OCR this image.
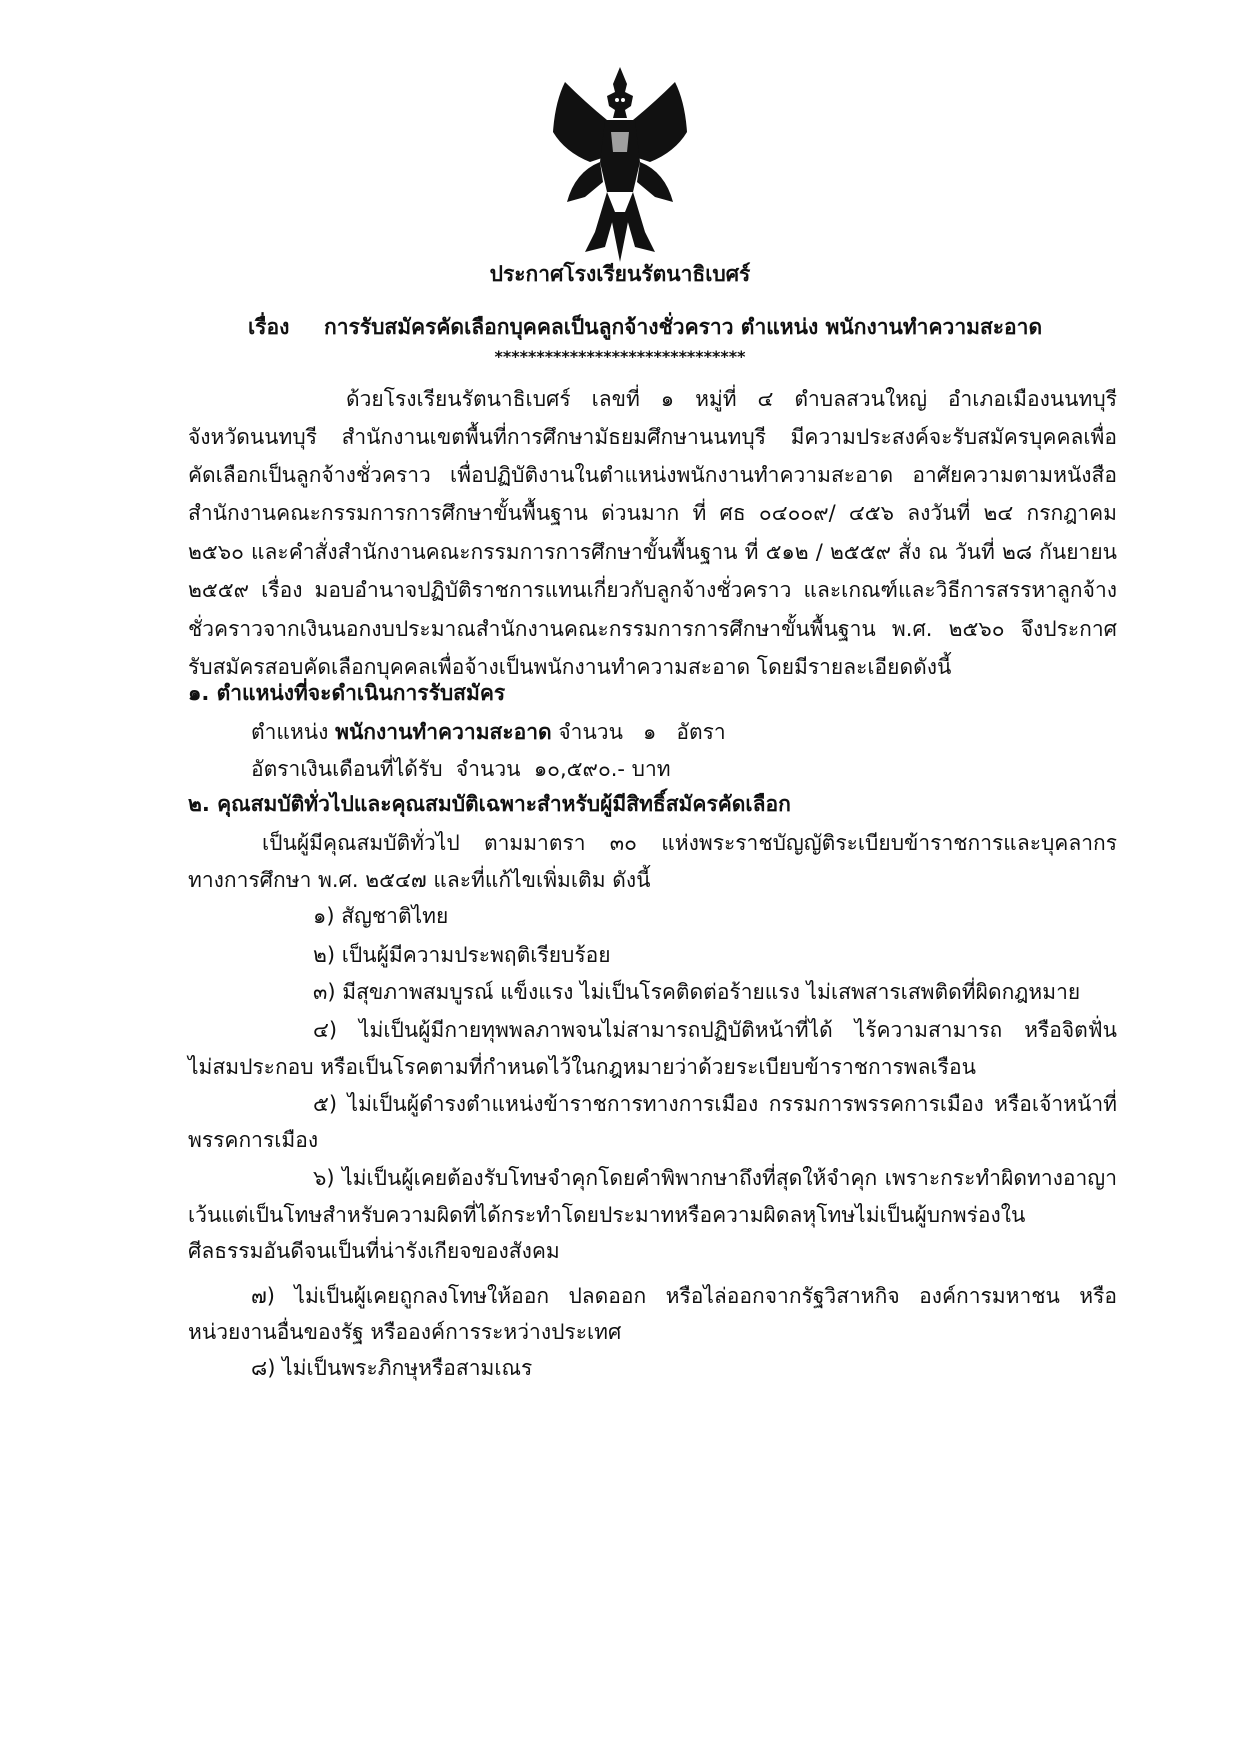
ประกาศโรงเรียนรัตนาธิเบศร์
เรื่อง การรับสมัครคัดเลือกบุคคลเป็นลูกจ้างชั่วคราว ตำแหน่ง พนักงานทำความสะอาด
******************************
ด้วยโรงเรียนรัตนาธิเบศร์ เลขที่ ๑ หมู่ที่ ๔ ตำบลสวนใหญ่ อำเภอเมืองนนทบุรี
จังหวัดนนทบุรี สำนักงานเขตพื้นที่การศึกษามัธยมศึกษานนทบุรี มีความประสงค์จะรับสมัครบุคคลเพื่อ
คัดเลือกเป็นลูกจ้างชั่วคราว เพื่อปฏิบัติงานในตำแหน่งพนักงานทำความสะอาด อาศัยความตามหนังสือ
สำนักงานคณะกรรมการการศึกษาขั้นพื้นฐาน ด่วนมาก ที่ ศธ ๐๔๐๐๙/ ๔๕๖ ลงวันที่ ๒๔ กรกฎาคม
๒๕๖๐ และคำสั่งสำนักงานคณะกรรมการการศึกษาขั้นพื้นฐาน ที่ ๕๑๒ / ๒๕๕๙ สั่ง ณ วันที่ ๒๘ กันยายน
๒๕๕๙ เรื่อง มอบอำนาจปฏิบัติราชการแทนเกี่ยวกับลูกจ้างชั่วคราว และเกณฑ์และวิธีการสรรหาลูกจ้าง
ชั่วคราวจากเงินนอกงบประมาณสำนักงานคณะกรรมการการศึกษาขั้นพื้นฐาน พ.ศ. ๒๕๖๐ จึงประกาศ
รับสมัครสอบคัดเลือกบุคคลเพื่อจ้างเป็นพนักงานทำความสะอาด โดยมีรายละเอียดดังนี้
๑. ตำแหน่งที่จะดำเนินการรับสมัคร
ตำแหน่ง พนักงานทำความสะอาด จำนวน   ๑   อัตรา
อัตราเงินเดือนที่ได้รับ  จำนวน  ๑๐,๕๙๐.- บาท
๒. คุณสมบัติทั่วไปและคุณสมบัติเฉพาะสำหรับผู้มีสิทธิ์สมัครคัดเลือก
เป็นผู้มีคุณสมบัติทั่วไป ตามมาตรา ๓๐ แห่งพระราชบัญญัติระเบียบข้าราชการและบุคลากร
ทางการศึกษา พ.ศ. ๒๕๔๗ และที่แก้ไขเพิ่มเติม ดังนี้
๑) สัญชาติไทย
๒) เป็นผู้มีความประพฤติเรียบร้อย
๓) มีสุขภาพสมบูรณ์ แข็งแรง ไม่เป็นโรคติดต่อร้ายแรง ไม่เสพสารเสพติดที่ผิดกฎหมาย
๔) ไม่เป็นผู้มีกายทุพพลภาพจนไม่สามารถปฏิบัติหน้าที่ได้ ไร้ความสามารถ หรือจิตฟั่น
ไม่สมประกอบ หรือเป็นโรคตามที่กำหนดไว้ในกฎหมายว่าด้วยระเบียบข้าราชการพลเรือน
๕) ไม่เป็นผู้ดำรงตำแหน่งข้าราชการทางการเมือง กรรมการพรรคการเมือง หรือเจ้าหน้าที่
พรรคการเมือง
๖) ไม่เป็นผู้เคยต้องรับโทษจำคุกโดยคำพิพากษาถึงที่สุดให้จำคุก เพราะกระทำผิดทางอาญา
เว้นแต่เป็นโทษสำหรับความผิดที่ได้กระทำโดยประมาทหรือความผิดลหุโทษไม่เป็นผู้บกพร่องใน
ศีลธรรมอันดีจนเป็นที่น่ารังเกียจของสังคม
๗) ไม่เป็นผู้เคยถูกลงโทษให้ออก ปลดออก หรือไล่ออกจากรัฐวิสาหกิจ องค์การมหาชน หรือ
หน่วยงานอื่นของรัฐ หรือองค์การระหว่างประเทศ
๘) ไม่เป็นพระภิกษุหรือสามเณร
